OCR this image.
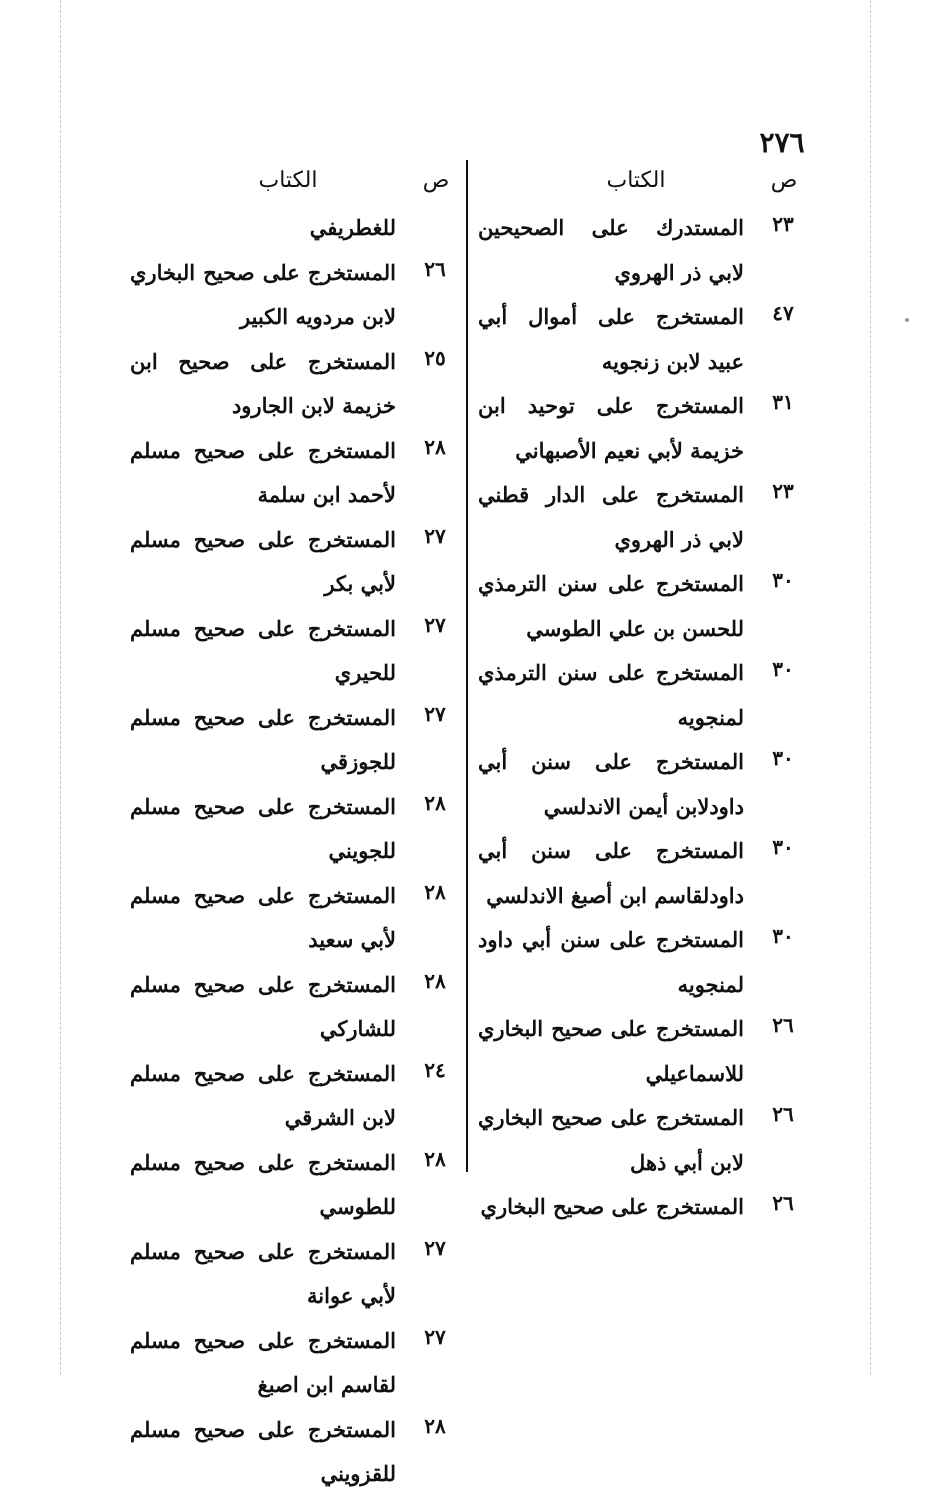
٢٧٦
ص
الكتاب
٢٣
المستدرك على الصحيحين لابي ذر الهروي
٤٧
المستخرج على أموال أبي عبيد لابن زنجويه
٣١
المستخرج على توحيد ابن خزيمة لأبي نعيم الأصبهاني
٢٣
المستخرج على الدار قطني لابي ذر الهروي
٣٠
المستخرج على سنن الترمذي للحسن بن علي الطوسي
٣٠
المستخرج على سنن الترمذي لمنجويه
٣٠
المستخرج على سنن أبي داودلابن أيمن الاندلسي
٣٠
المستخرج على سنن أبي داودلقاسم ابن أصبغ الاندلسي
٣٠
المستخرج على سنن أبي داود لمنجويه
٢٦
المستخرج على صحيح البخاري للاسماعيلي
٢٦
المستخرج على صحيح البخاري لابن أبي ذهل
٢٦
المستخرج على صحيح البخاري
ص
الكتاب
للغطريفي
٢٦
المستخرج على صحيح البخاري لابن مردويه الكبير
٢٥
المستخرج على صحيح ابن خزيمة لابن الجارود
٢٨
المستخرج على صحيح مسلم لأحمد ابن سلمة
٢٧
المستخرج على صحيح مسلم لأبي بكر
٢٧
المستخرج على صحيح مسلم للحيري
٢٧
المستخرج على صحيح مسلم للجوزقي
٢٨
المستخرج على صحيح مسلم للجويني
٢٨
المستخرج على صحيح مسلم لأبي سعيد
٢٨
المستخرج على صحيح مسلم للشاركي
٢٤
المستخرج على صحيح مسلم لابن الشرقي
٢٨
المستخرج على صحيح مسلم للطوسي
٢٧
المستخرج على صحيح مسلم لأبي عوانة
٢٧
المستخرج على صحيح مسلم لقاسم ابن اصبغ
٢٨
المستخرج على صحيح مسلم للقزويني
